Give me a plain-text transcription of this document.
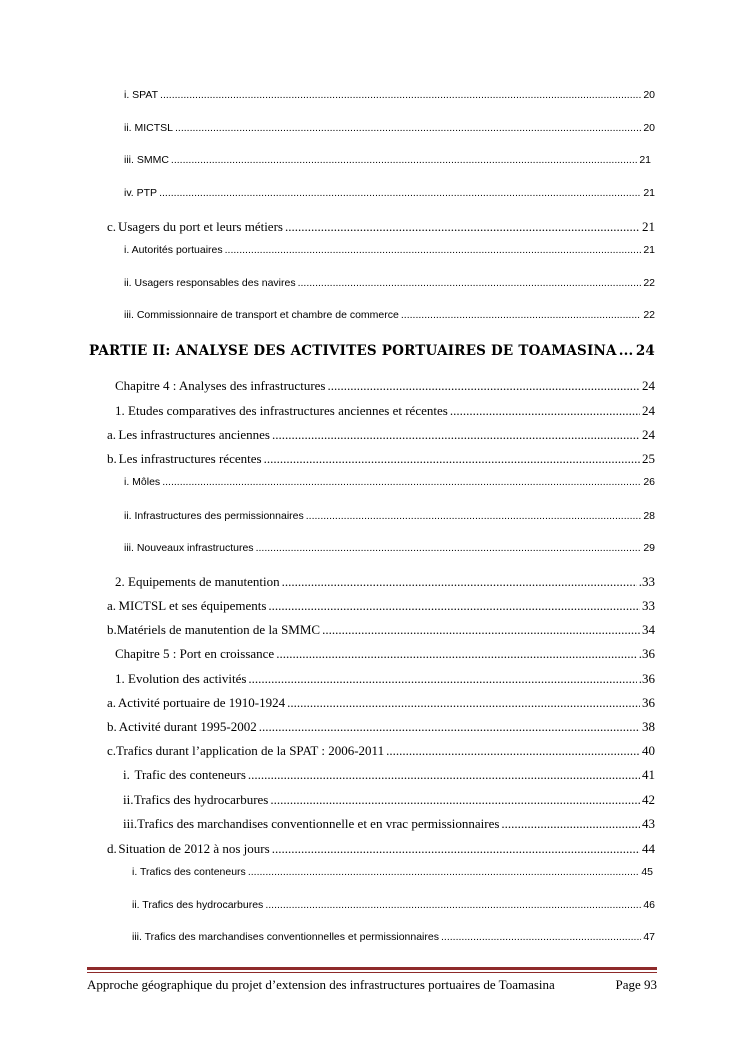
i. SPAT .....	20
ii. MICTSL .....	20
iii. SMMC .....	21
iv. PTP .....	21
c. Usagers du port et leurs métiers .....	21
i. Autorités portuaires .....	21
ii. Usagers responsables des navires .....	22
iii. Commissionnaire de transport et chambre de commerce .....	22
PARTIE II: ANALYSE DES ACTIVITES PORTUAIRES DE TOAMASINA ..... 24
Chapitre 4 : Analyses des infrastructures .....	24
1. Etudes comparatives des infrastructures anciennes et récentes .....	24
a. Les infrastructures anciennes .....	24
b. Les infrastructures récentes .....	25
i. Môles .....	26
ii. Infrastructures des permissionnaires .....	28
iii. Nouveaux infrastructures .....	29
2. Equipements de manutention .....	.33
a. MICTSL et ses équipements .....	33
b. Matériels de manutention de la SMMC .....	34
Chapitre 5 : Port en croissance .....	.36
1. Evolution des activités .....	.36
a. Activité portuaire de 1910-1924 .....	36
b. Activité durant 1995-2002 .....	38
c. Trafics durant l’application de la SPAT : 2006-2011 .....	40
i. Trafic des conteneurs .....	41
ii. Trafics des hydrocarbures .....	42
iii. Trafics des marchandises conventionnelle et en vrac permissionnaires .....	43
d. Situation de 2012 à nos jours .....	44
i. Trafics des conteneurs .....	45
ii. Trafics des hydrocarbures .....	46
iii. Trafics des marchandises conventionnelles et permissionnaires .....	47
Approche géographique du projet d’extension des infrastructures portuaires de Toamasina	Page 93
